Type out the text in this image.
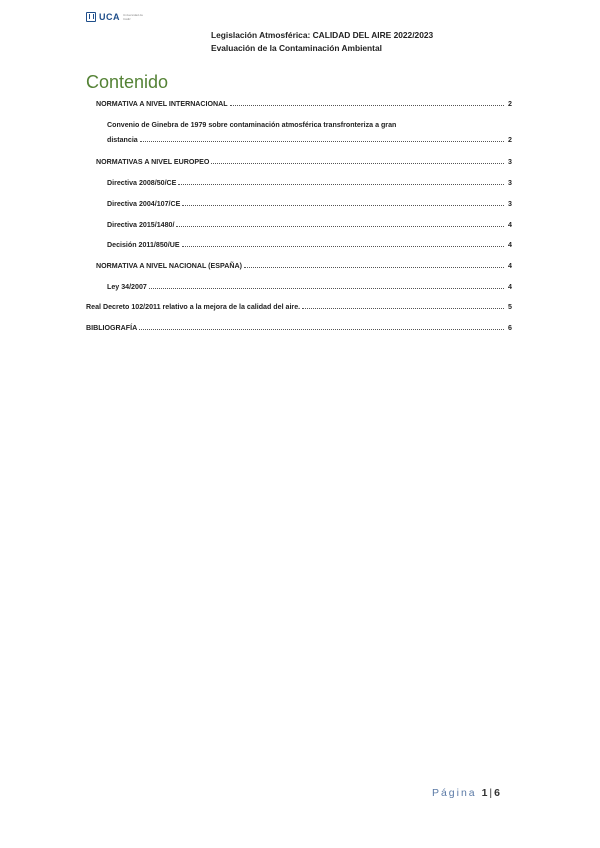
UCA Universidad de Cádiz
Legislación Atmosférica: CALIDAD DEL AIRE 2022/2023
Evaluación de la Contaminación Ambiental
Contenido
NORMATIVA A NIVEL INTERNACIONAL	2
Convenio de Ginebra de 1979 sobre contaminación atmosférica transfronteriza a gran
distancia	2
NORMATIVAS A NIVEL EUROPEO	3
Directiva 2008/50/CE	3
Directiva 2004/107/CE	3
Directiva 2015/1480/	4
Decisión 2011/850/UE	4
NORMATIVA A NIVEL NACIONAL (ESPAÑA)	4
Ley 34/2007	4
Real Decreto 102/2011 relativo a la mejora de la calidad del aire.	5
BIBLIOGRAFÍA	6
Página 1 | 6
